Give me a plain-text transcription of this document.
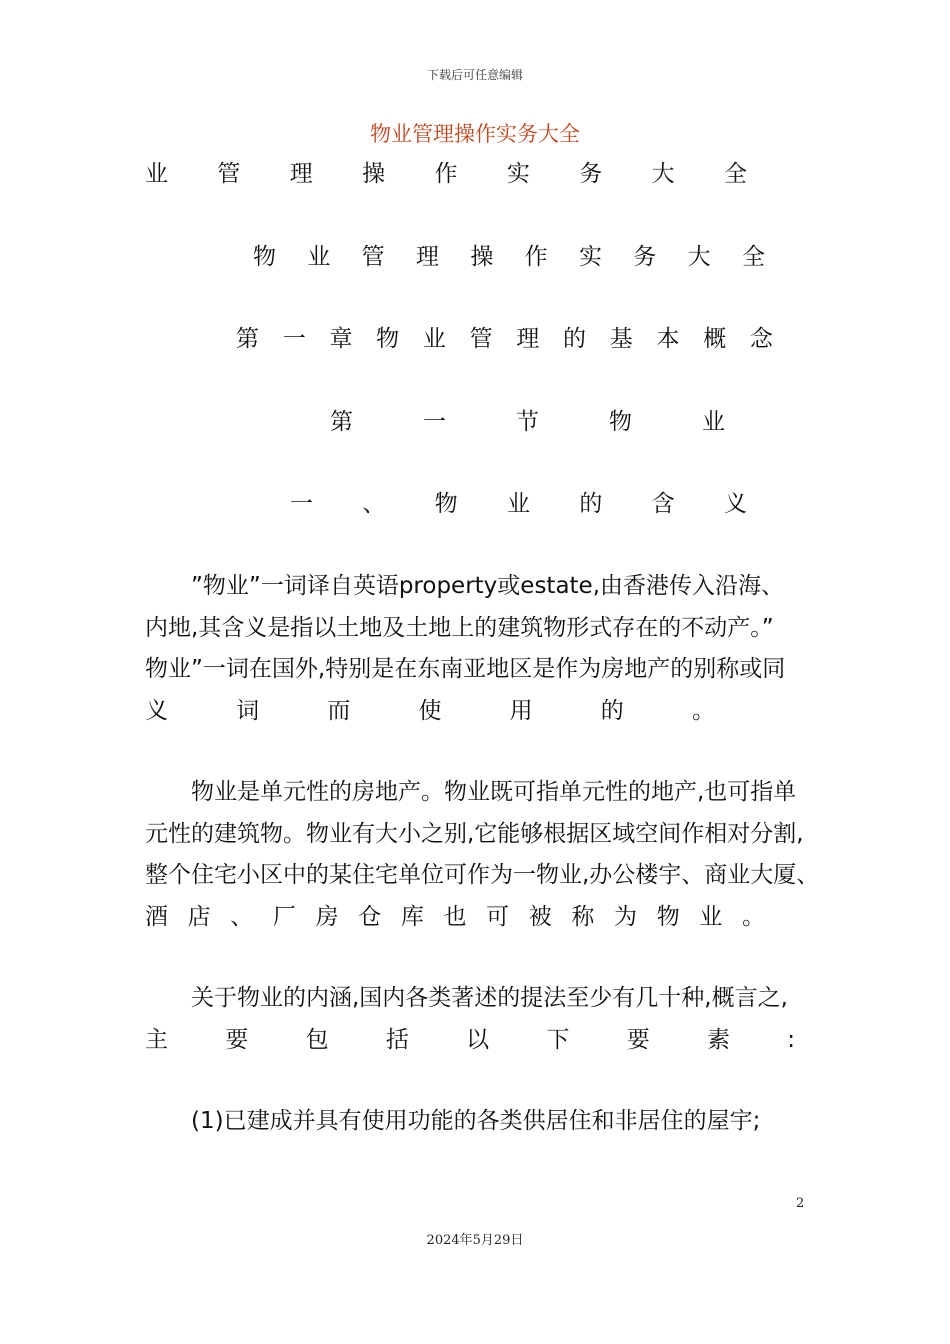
下载后可任意编辑
物业管理操作实务大全
业 管 理 操 作 实 务 大 全
物 业 管 理 操 作 实 务 大 全
第 一 章 物 业 管 理 的 基 本 概 念
第	一	节	物	业
一 、 物 业 的 含 义
”物业”一词译自英语property或estate,由香港传入沿海、
内地,其含义是指以土地及土地上的建筑物形式存在的不动产。”
物业”一词在国外,特别是在东南亚地区是作为房地产的别称或同
义	词	而	使	用	的	。
物业是单元性的房地产。物业既可指单元性的地产,也可指单
元性的建筑物。物业有大小之别,它能够根据区域空间作相对分割,
整个住宅小区中的某住宅单位可作为一物业,办公楼宇、商业大厦、
酒 店 、 厂 房 仓 库 也 可 被 称 为 物 业 。
关于物业的内涵,国内各类著述的提法至少有几十种,概言之,
主 要 包 括 以 下 要 素 :
(1)已建成并具有使用功能的各类供居住和非居住的屋宇;
2
2024年5月29日
